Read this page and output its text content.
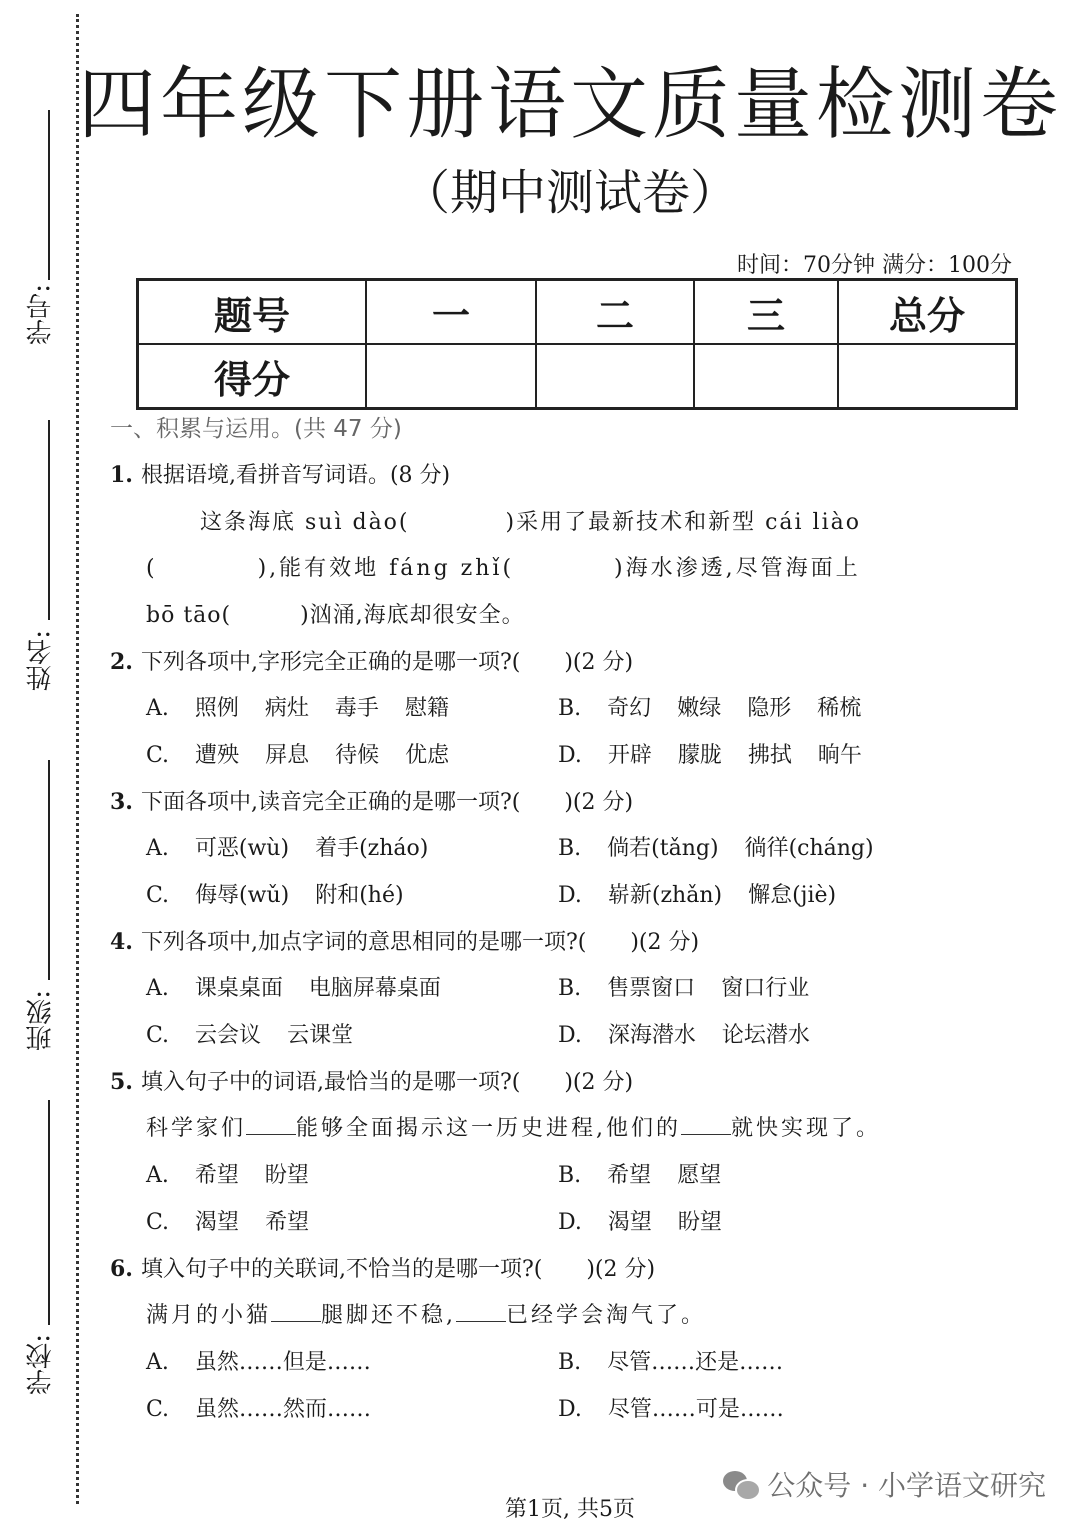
学号:
姓名:
班级:
学校:
四年级下册语文质量检测卷
（期中测试卷）
时间：70分钟 满分：100分
题号	一	二	三	总分
得分				
一、积累与运用。(共 47 分)
1. 根据语境,看拼音写词语。(8 分)
这条海底 suì dào(　　　　)采用了最新技术和新型 cái liào
(　　　　),能有效地 fáng zhǐ(　　　　)海水渗透,尽管海面上
bō tāo(　　　)汹涌,海底却很安全。
2. 下列各项中,字形完全正确的是哪一项?(　　)(2 分)
A. 照例 病灶 毒手 慰籍	B. 奇幻 嫩绿 隐形 稀梳
C. 遭殃 屏息 待候 优虑	D. 开辟 朦胧 拂拭 晌午
3. 下面各项中,读音完全正确的是哪一项?(　　)(2 分)
A. 可恶(wù) 着手(zháo)	B. 倘若(tǎng) 徜徉(cháng)
C. 侮辱(wǔ) 附和(hé)	D. 崭新(zhǎn) 懈怠(jiè)
4. 下列各项中,加点字词的意思相同的是哪一项?(　　)(2 分)
A. 课桌桌面 电脑屏幕桌面	B. 售票窗口 窗口行业
C. 云会议 云课堂	D. 深海潜水 论坛潜水
5. 填入句子中的词语,最恰当的是哪一项?(　　)(2 分)
科学家们 能够全面揭示这一历史进程,他们的 就快实现了。
A. 希望 盼望	B. 希望 愿望
C. 渴望 希望	D. 渴望 盼望
6. 填入句子中的关联词,不恰当的是哪一项?(　　)(2 分)
满月的小猫 腿脚还不稳, 已经学会淘气了。
A. 虽然……但是……	B. 尽管……还是……
C. 虽然……然而……	D. 尽管……可是……
公众号 · 小学语文研究
第1页, 共5页
